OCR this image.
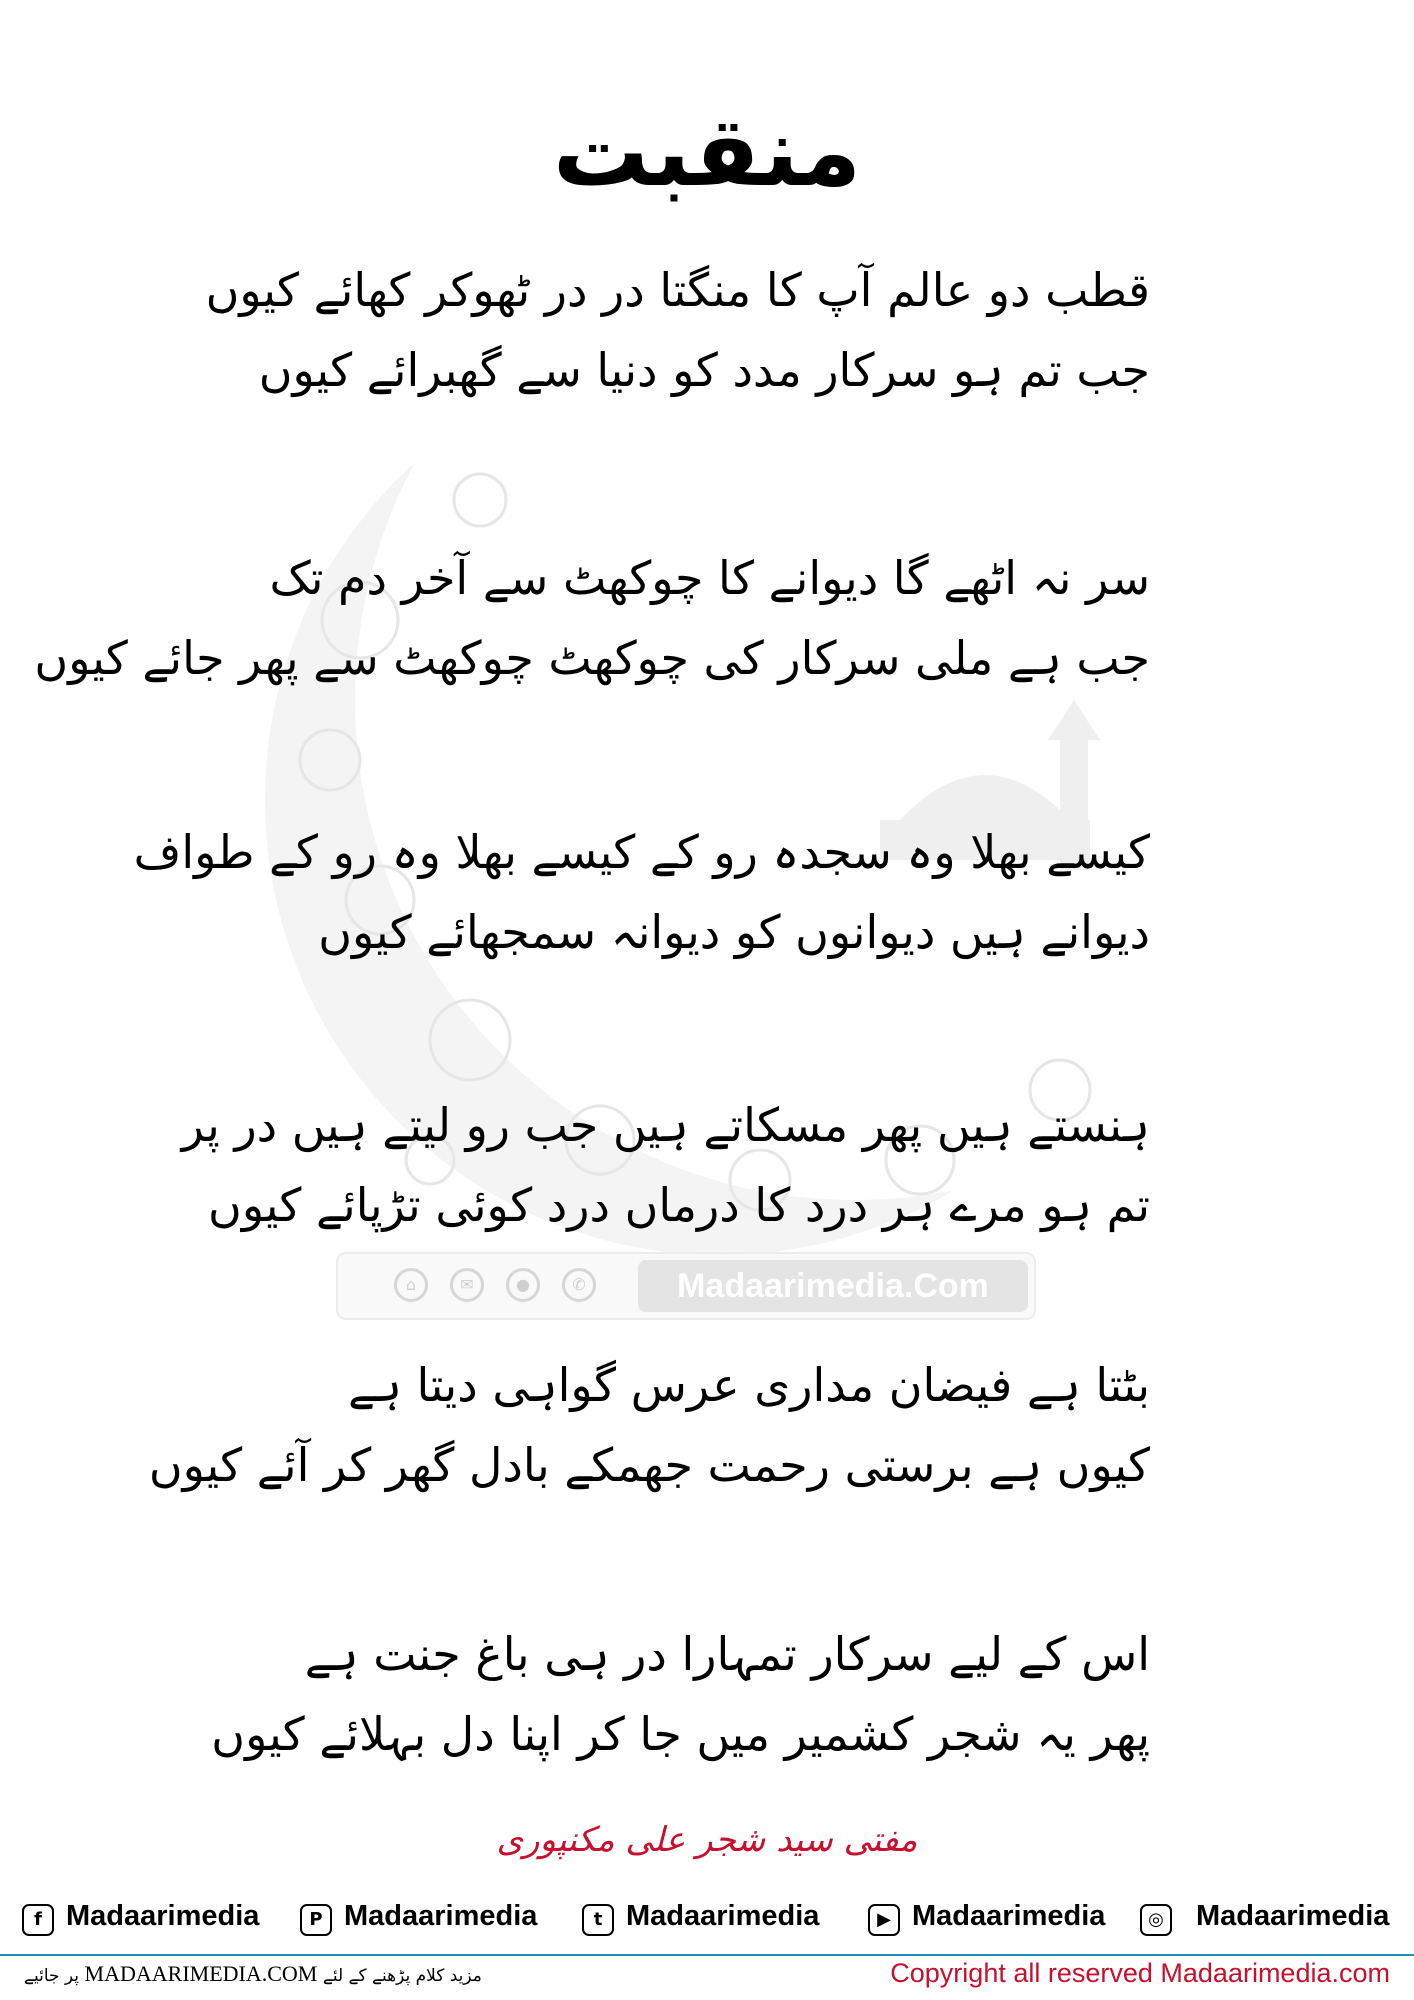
منقبت
قطب دو عالم آپ کا منگتا در در ٹھوکر کھائے کیوں
جب تم ہو سرکار مدد کو دنیا سے گھبرائے کیوں
سر نہ اٹھے گا دیوانے کا چوکھٹ سے آخر دم تک
جب ہے ملی سرکار کی چوکھٹ چوکھٹ سے پھر جائے کیوں
کیسے بھلا وہ سجدہ رو کے کیسے بھلا وہ رو کے طواف
دیوانے ہیں دیوانوں کو دیوانہ سمجھائے کیوں
ہنستے ہیں پھر مسکاتے ہیں جب رو لیتے ہیں در پر
تم ہو مرے ہر درد کا درماں درد کوئی تڑپائے کیوں
⌂	✉	●	✆	Madaarimedia.Com
بٹتا ہے فیضان مداری عرس گواہی دیتا ہے
کیوں ہے برستی رحمت جھمکے بادل گھر کر آئے کیوں
اس کے لیے سرکار تمہارا در ہی باغ جنت ہے
پھر یہ شجر کشمیر میں جا کر اپنا دل بہلائے کیوں
مفتی سید شجر علی مکنپوری
f Madaarimedia	P Madaarimedia	t Madaarimedia	▶ Madaarimedia	◎ Madaarimedia
پر جائیے MADAARIMEDIA.COM مزید کلام پڑھنے کے لئے	Copyright all reserved Madaarimedia.com
